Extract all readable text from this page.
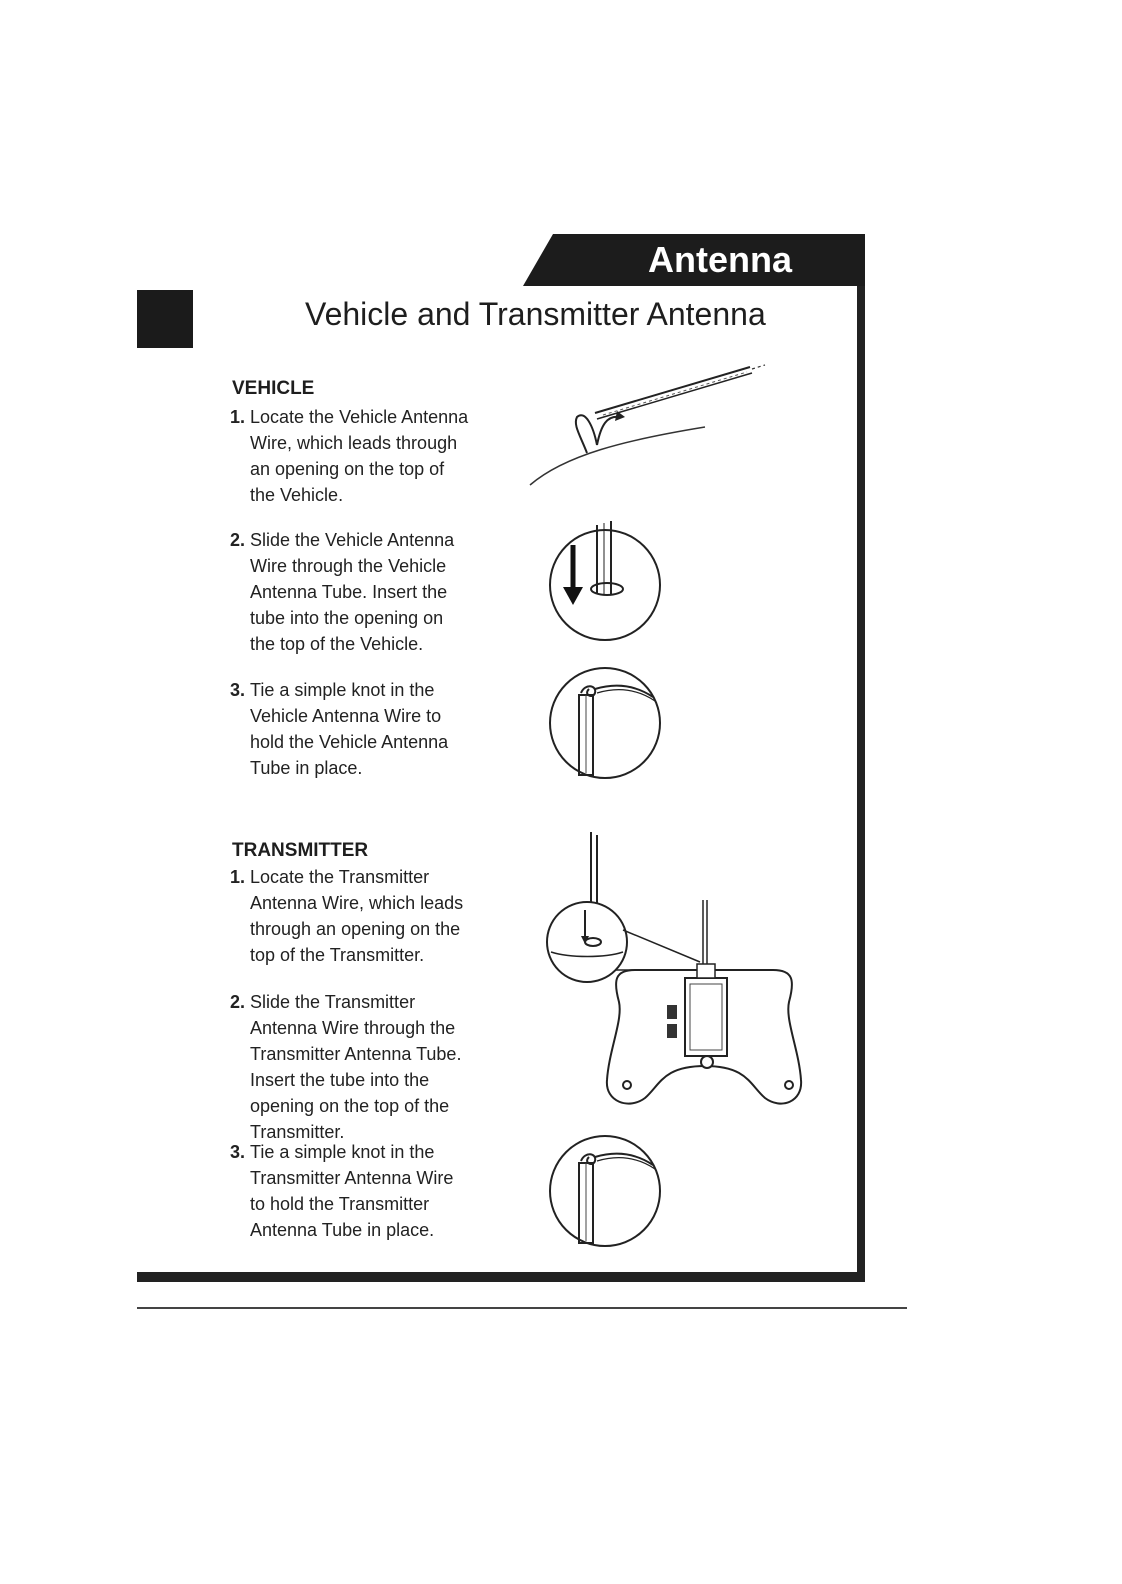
Antenna
Vehicle and Transmitter Antenna
VEHICLE
1. Locate the Vehicle Antenna Wire, which leads through an opening on the top of the Vehicle.
2. Slide the Vehicle Antenna Wire through the Vehicle Antenna Tube. Insert the tube into the opening on the top of the Vehicle.
3. Tie a simple knot in the Vehicle Antenna Wire to hold the Vehicle Antenna Tube in place.
TRANSMITTER
1. Locate the Transmitter Antenna Wire, which leads through an opening on the top of the Transmitter.
2. Slide the Transmitter Antenna Wire through the Transmitter Antenna Tube. Insert the tube into the opening on the top of the Transmitter.
3. Tie a simple knot in the Transmitter Antenna Wire to hold the Transmitter Antenna Tube in place.
